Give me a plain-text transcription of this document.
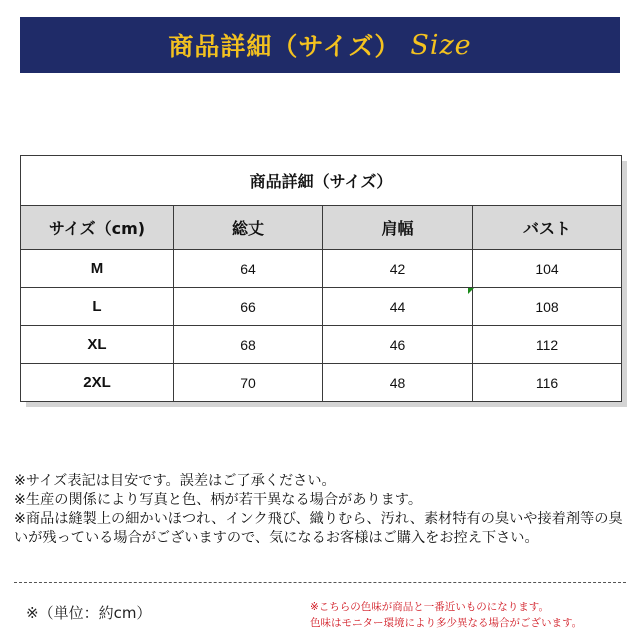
商品詳細（サイズ） Size
商品詳細（サイズ）			
サイズ（cm)	総丈	肩幅	バスト
M	64	42	104
L	66	44	108
XL	68	46	112
2XL	70	48	116

※サイズ表記は目安です。誤差はご了承ください。

※生産の関係により写真と色、柄が若干異なる場合があります。

※商品は縫製上の細かいほつれ、インク飛び、織りむら、汚れ、素材特有の臭いや接着剤等の臭いが残っている場合がございますので、気になるお客様はご購入をお控え下さい。

※（単位：約cm）	※こちらの色味が商品と一番近いものになります。

色味はモニター環境により多少異なる場合がございます。
